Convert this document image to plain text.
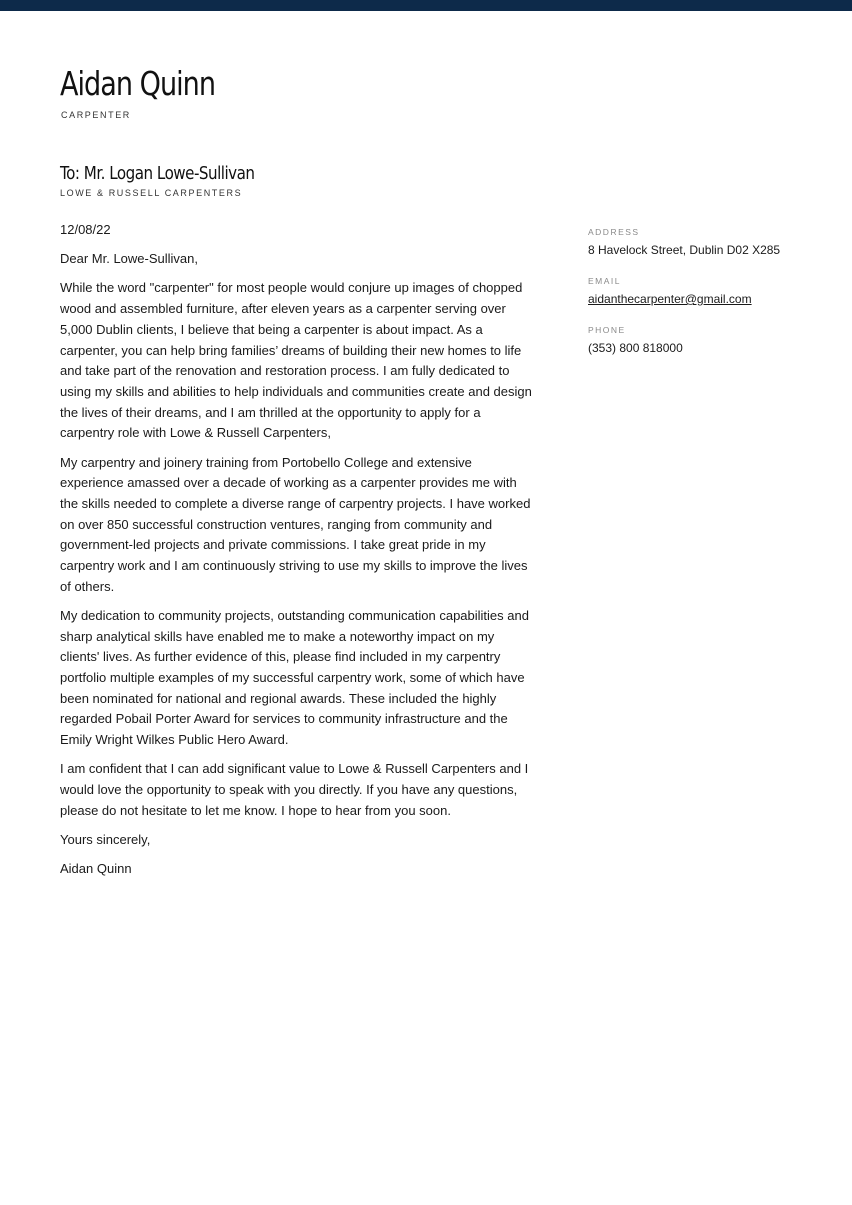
Aidan Quinn
CARPENTER
To: Mr. Logan Lowe-Sullivan
LOWE & RUSSELL CARPENTERS

12/08/22

Dear Mr. Lowe-Sullivan,

While the word "carpenter" for most people would conjure up images of chopped wood and assembled furniture, after eleven years as a carpenter serving over 5,000 Dublin clients, I believe that being a carpenter is about impact. As a carpenter, you can help bring families’ dreams of building their new homes to life and take part of the renovation and restoration process. I am fully dedicated to using my skills and abilities to help individuals and communities create and design the lives of their dreams, and I am thrilled at the opportunity to apply for a carpentry role with Lowe & Russell Carpenters,

My carpentry and joinery training from Portobello College and extensive experience amassed over a decade of working as a carpenter provides me with the skills needed to complete a diverse range of carpentry projects. I have worked on over 850 successful construction ventures, ranging from community and government-led projects and private commissions. I take great pride in my carpentry work and I am continuously striving to use my skills to improve the lives of others.

My dedication to community projects, outstanding communication capabilities and sharp analytical skills have enabled me to make a noteworthy impact on my clients' lives. As further evidence of this, please find included in my carpentry portfolio multiple examples of my successful carpentry work, some of which have been nominated for national and regional awards. These included the highly regarded Pobail Porter Award for services to community infrastructure and the Emily Wright Wilkes Public Hero Award.

I am confident that I can add significant value to Lowe & Russell Carpenters and I would love the opportunity to speak with you directly. If you have any questions, please do not hesitate to let me know. I hope to hear from you soon.

Yours sincerely,

Aidan Quinn

ADDRESS

8 Havelock Street, Dublin D02 X285

EMAIL

aidanthecarpenter@gmail.com

PHONE

(353) 800 818000
